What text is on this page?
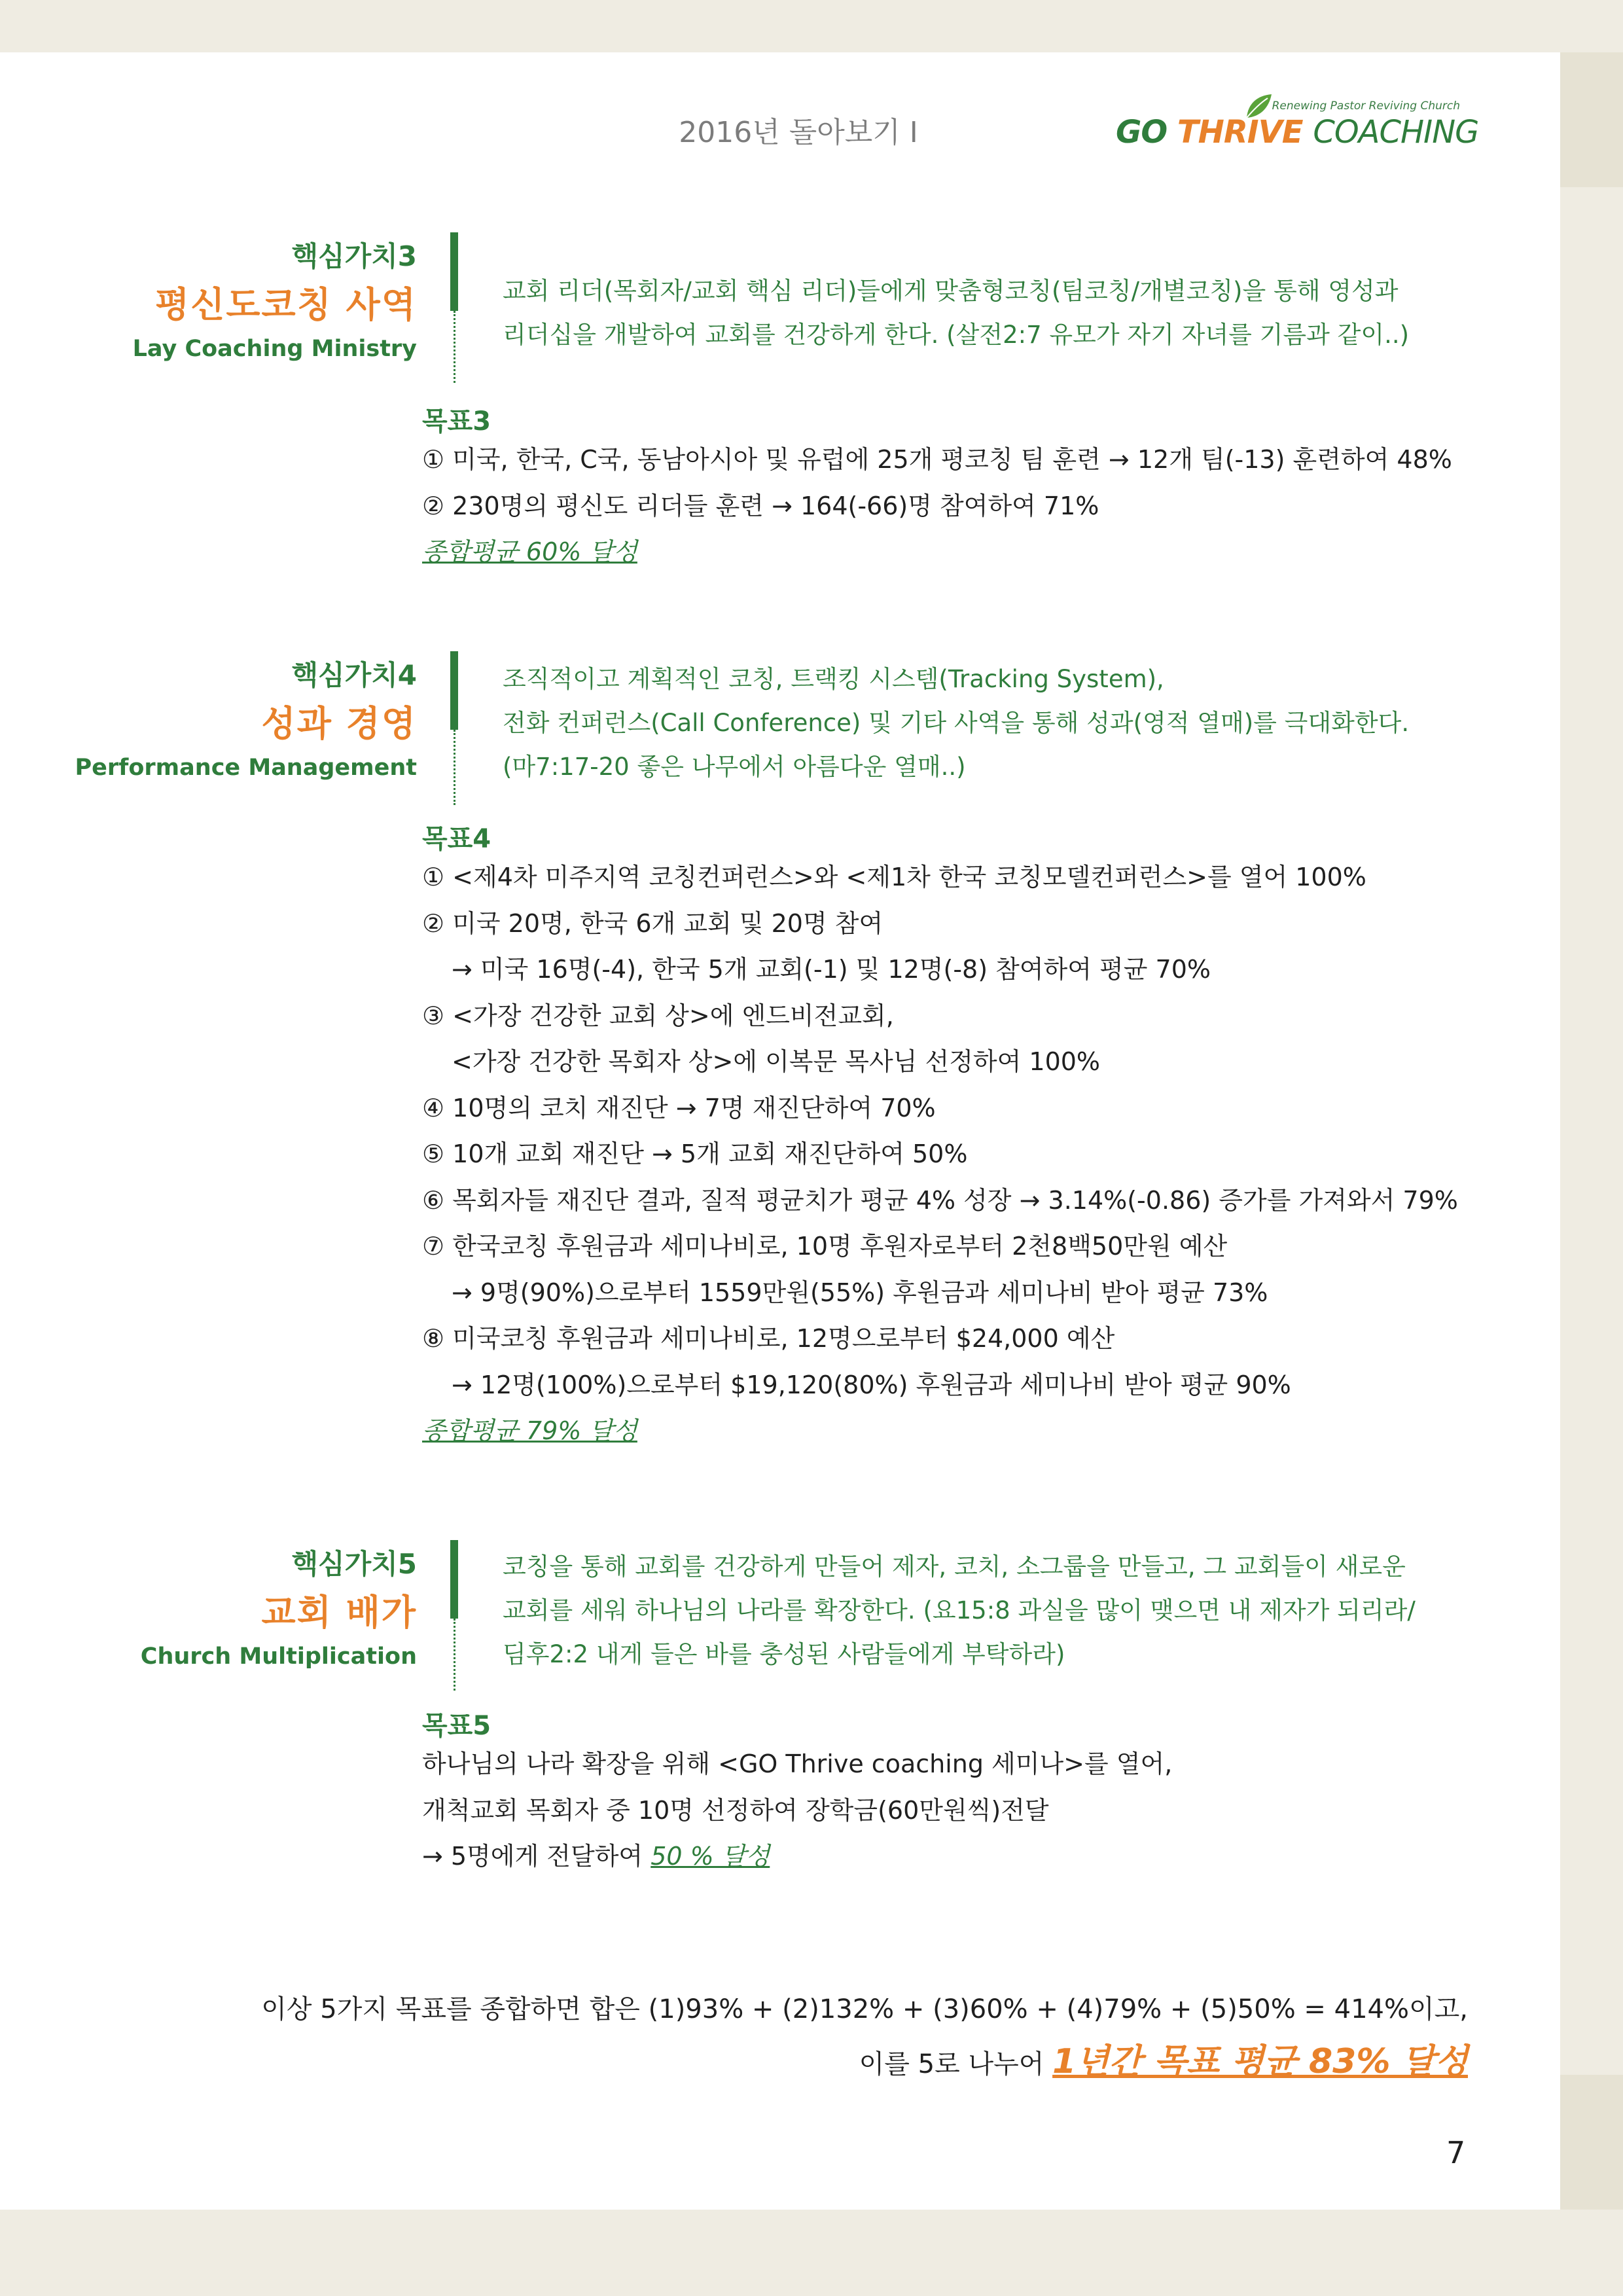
2016년 돌아보기 I
Renewing Pastor Reviving Church
GO THRIVE COACHING
핵심가치3
평신도코칭 사역
Lay Coaching Ministry

교회 리더(목회자/교회 핵심 리더)들에게 맞춤형코칭(팀코칭/개별코칭)을 통해 영성과

리더십을 개발하여 교회를 건강하게 한다. (살전2:7 유모가 자기 자녀를 기름과 같이..)

목표3

① 미국, 한국, C국, 동남아시아 및 유럽에 25개 평코칭 팀 훈련 → 12개 팀(-13) 훈련하여 48%

② 230명의 평신도 리더들 훈련 → 164(-66)명 참여하여 71%

종합평균 60% 달성

핵심가치4
성과 경영
Performance Management

조직적이고 계획적인 코칭, 트랙킹 시스템(Tracking System),

전화 컨퍼런스(Call Conference) 및 기타 사역을 통해 성과(영적 열매)를 극대화한다.

(마7:17-20 좋은 나무에서 아름다운 열매..)

목표4

① <제4차 미주지역 코칭컨퍼런스>와 <제1차 한국 코칭모델컨퍼런스>를 열어 100%

② 미국 20명, 한국 6개 교회 및 20명 참여

→ 미국 16명(-4), 한국 5개 교회(-1) 및 12명(-8) 참여하여 평균 70%

③ <가장 건강한 교회 상>에 엔드비전교회,

<가장 건강한 목회자 상>에 이복문 목사님 선정하여 100%

④ 10명의 코치 재진단 → 7명 재진단하여 70%

⑤ 10개 교회 재진단 → 5개 교회 재진단하여 50%

⑥ 목회자들 재진단 결과, 질적 평균치가 평균 4% 성장 → 3.14%(-0.86) 증가를 가져와서 79%

⑦ 한국코칭 후원금과 세미나비로, 10명 후원자로부터 2천8백50만원 예산

→ 9명(90%)으로부터 1559만원(55%) 후원금과 세미나비 받아 평균 73%

⑧ 미국코칭 후원금과 세미나비로, 12명으로부터 $24,000 예산

→ 12명(100%)으로부터 $19,120(80%) 후원금과 세미나비 받아 평균 90%

종합평균 79% 달성

핵심가치5
교회 배가
Church Multiplication

코칭을 통해 교회를 건강하게 만들어 제자, 코치, 소그룹을 만들고, 그 교회들이 새로운

교회를 세워 하나님의 나라를 확장한다. (요15:8 과실을 많이 맺으면 내 제자가 되리라/

딤후2:2 내게 들은 바를 충성된 사람들에게 부탁하라)

목표5

하나님의 나라 확장을 위해 <GO Thrive coaching 세미나>를 열어,

개척교회 목회자 중 10명 선정하여 장학금(60만원씩)전달

→ 5명에게 전달하여 50 % 달성

이상 5가지 목표를 종합하면 합은 (1)93% + (2)132% + (3)60% + (4)79% + (5)50% = 414%이고,

이를 5로 나누어 1년간 목표 평균 83% 달성

7
